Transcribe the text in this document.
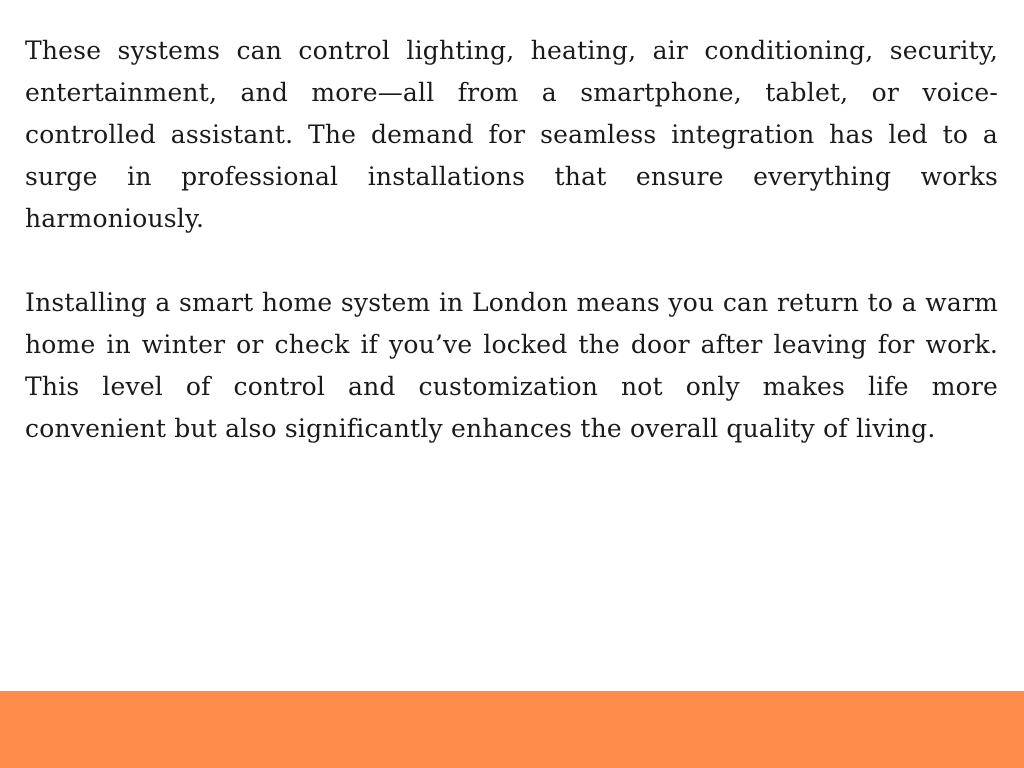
These systems can control lighting, heating, air conditioning, security, entertainment, and more—all from a smartphone, tablet, or voice-controlled assistant. The demand for seamless integration has led to a surge in professional installations that ensure everything works harmoniously.

Installing a smart home system in London means you can return to a warm home in winter or check if you’ve locked the door after leaving for work. This level of control and customization not only makes life more convenient but also significantly enhances the overall quality of living.
